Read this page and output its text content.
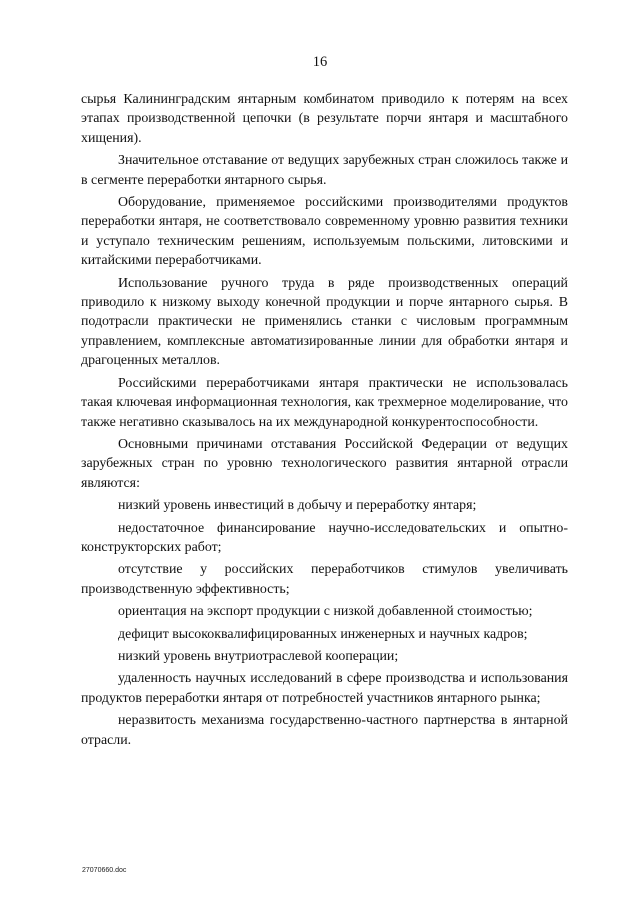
16

сырья Калининградским янтарным комбинатом приводило к потерям на всех этапах производственной цепочки (в результате порчи янтаря и масштабного хищения).

Значительное отставание от ведущих зарубежных стран сложилось также и в сегменте переработки янтарного сырья.

Оборудование, применяемое российскими производителями продуктов переработки янтаря, не соответствовало современному уровню развития техники и уступало техническим решениям, используемым польскими, литовскими и китайскими переработчиками.

Использование ручного труда в ряде производственных операций приводило к низкому выходу конечной продукции и порче янтарного сырья. В подотрасли практически не применялись станки с числовым программным управлением, комплексные автоматизированные линии для обработки янтаря и драгоценных металлов.

Российскими переработчиками янтаря практически не использовалась такая ключевая информационная технология, как трехмерное моделирование, что также негативно сказывалось на их международной конкурентоспособности.

Основными причинами отставания Российской Федерации от ведущих зарубежных стран по уровню технологического развития янтарной отрасли являются:

низкий уровень инвестиций в добычу и переработку янтаря;

недостаточное финансирование научно-исследовательских и опытно-конструкторских работ;

отсутствие у российских переработчиков стимулов увеличивать производственную эффективность;

ориентация на экспорт продукции с низкой добавленной стоимостью;

дефицит высококвалифицированных инженерных и научных кадров;

низкий уровень внутриотраслевой кооперации;

удаленность научных исследований в сфере производства и использования продуктов переработки янтаря от потребностей участников янтарного рынка;

неразвитость механизма государственно-частного партнерства в янтарной отрасли.

27070660.doc
